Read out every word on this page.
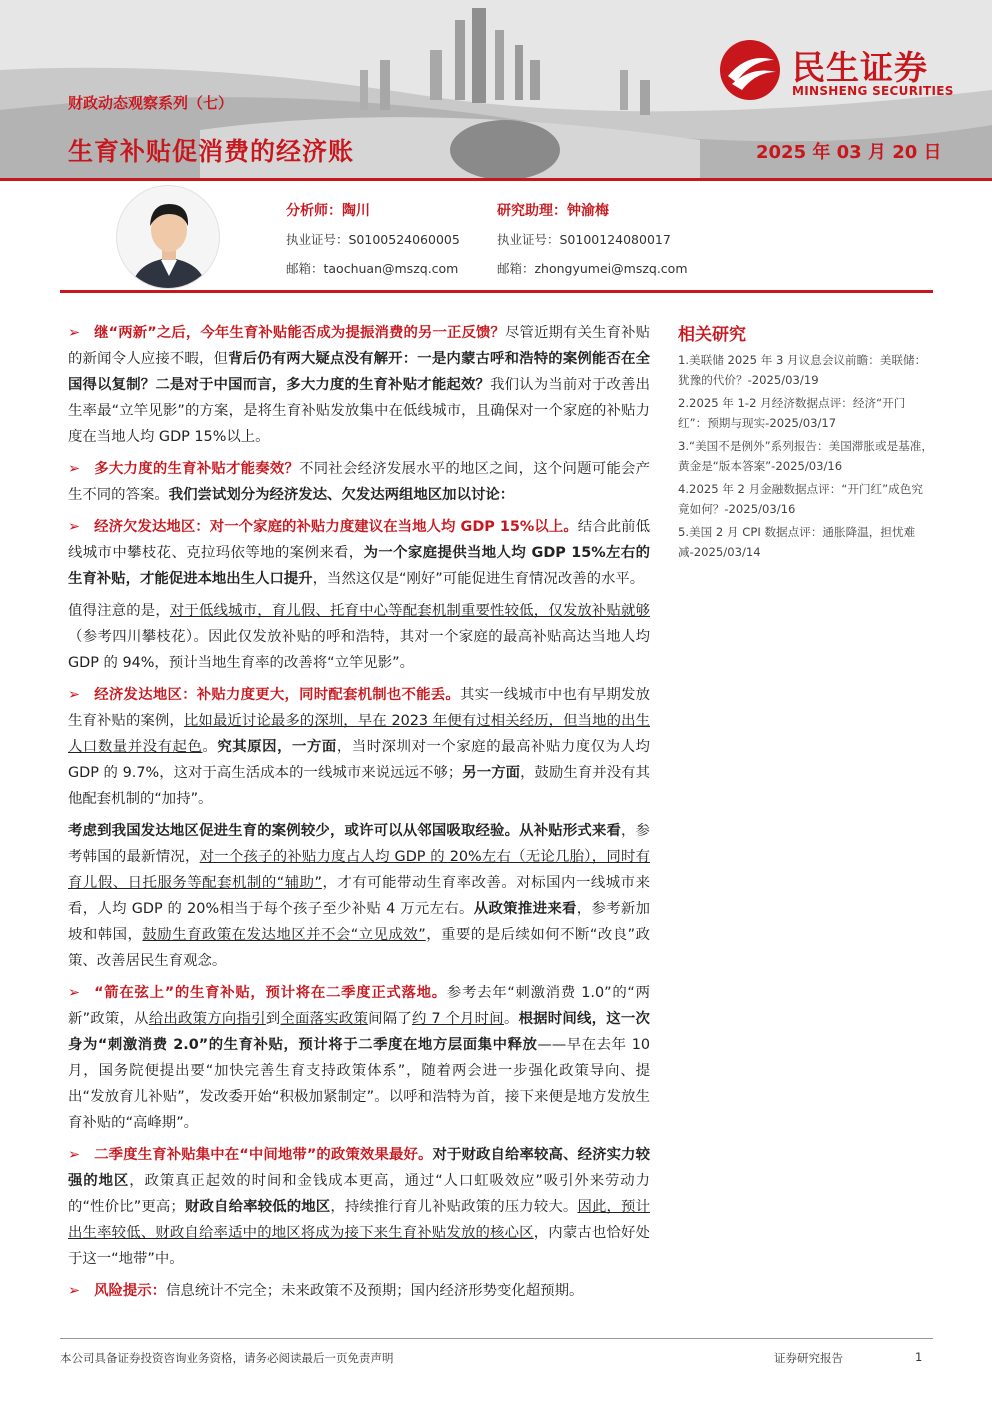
财政动态观察系列（七）
生育补贴促消费的经济账	2025 年 03 月 20 日
民生证券
MINSHENG SECURITIES
分析师：陶川
执业证号：S0100524060005
邮箱：taochuan@mszq.com
研究助理：钟渝梅
执业证号：S0100124080017
邮箱：zhongyumei@mszq.com

➢ 继“两新”之后，今年生育补贴能否成为提振消费的另一正反馈？尽管近期有关生育补贴的新闻令人应接不暇，但背后仍有两大疑点没有解开：一是内蒙古呼和浩特的案例能否在全国得以复制？二是对于中国而言，多大力度的生育补贴才能起效？我们认为当前对于改善出生率最“立竿见影”的方案，是将生育补贴发放集中在低线城市，且确保对一个家庭的补贴力度在当地人均 GDP 15%以上。

➢ 多大力度的生育补贴才能奏效？不同社会经济发展水平的地区之间，这个问题可能会产生不同的答案。我们尝试划分为经济发达、欠发达两组地区加以讨论：

➢ 经济欠发达地区：对一个家庭的补贴力度建议在当地人均 GDP 15%以上。结合此前低线城市中攀枝花、克拉玛依等地的案例来看，为一个家庭提供当地人均 GDP 15%左右的生育补贴，才能促进本地出生人口提升，当然这仅是“刚好”可能促进生育情况改善的水平。

值得注意的是，对于低线城市，育儿假、托育中心等配套机制重要性较低，仅发放补贴就够（参考四川攀枝花）。因此仅发放补贴的呼和浩特，其对一个家庭的最高补贴高达当地人均 GDP 的 94%，预计当地生育率的改善将“立竿见影”。

➢ 经济发达地区：补贴力度更大，同时配套机制也不能丢。其实一线城市中也有早期发放生育补贴的案例，比如最近讨论最多的深圳，早在 2023 年便有过相关经历，但当地的出生人口数量并没有起色。究其原因，一方面，当时深圳对一个家庭的最高补贴力度仅为人均 GDP 的 9.7%，这对于高生活成本的一线城市来说远远不够；另一方面，鼓励生育并没有其他配套机制的“加持”。

考虑到我国发达地区促进生育的案例较少，或许可以从邻国吸取经验。从补贴形式来看，参考韩国的最新情况，对一个孩子的补贴力度占人均 GDP 的 20%左右（无论几胎），同时有育儿假、日托服务等配套机制的“辅助”，才有可能带动生育率改善。对标国内一线城市来看，人均 GDP 的 20%相当于每个孩子至少补贴 4 万元左右。从政策推进来看，参考新加坡和韩国，鼓励生育政策在发达地区并不会“立见成效”，重要的是后续如何不断“改良”政策、改善居民生育观念。

➢ “箭在弦上”的生育补贴，预计将在二季度正式落地。参考去年“刺激消费 1.0”的“两新”政策，从给出政策方向指引到全面落实政策间隔了约 7 个月时间。根据时间线，这一次身为“刺激消费 2.0”的生育补贴，预计将于二季度在地方层面集中释放——早在去年 10 月，国务院便提出要“加快完善生育支持政策体系”，随着两会进一步强化政策导向、提出“发放育儿补贴”，发改委开始“积极加紧制定”。以呼和浩特为首，接下来便是地方发放生育补贴的“高峰期”。

➢ 二季度生育补贴集中在“中间地带”的政策效果最好。对于财政自给率较高、经济实力较强的地区，政策真正起效的时间和金钱成本更高，通过“人口虹吸效应”吸引外来劳动力的“性价比”更高；财政自给率较低的地区，持续推行育儿补贴政策的压力较大。因此，预计出生率较低、财政自给率适中的地区将成为接下来生育补贴发放的核心区，内蒙古也恰好处于这一“地带”中。

➢ 风险提示：信息统计不完全；未来政策不及预期；国内经济形势变化超预期。

相关研究
1.美联储 2025 年 3 月议息会议前瞻：美联储：犹豫的代价？-2025/03/19
2.2025 年 1-2 月经济数据点评：经济“开门红”：预期与现实-2025/03/17
3.“美国不是例外”系列报告：美国滞胀或是基准，黄金是“版本答案”-2025/03/16
4.2025 年 2 月金融数据点评：“开门红”成色究竟如何？-2025/03/16
5.美国 2 月 CPI 数据点评：通胀降温，担忧难减-2025/03/14
本公司具备证券投资咨询业务资格，请务必阅读最后一页免责声明	证券研究报告	1
